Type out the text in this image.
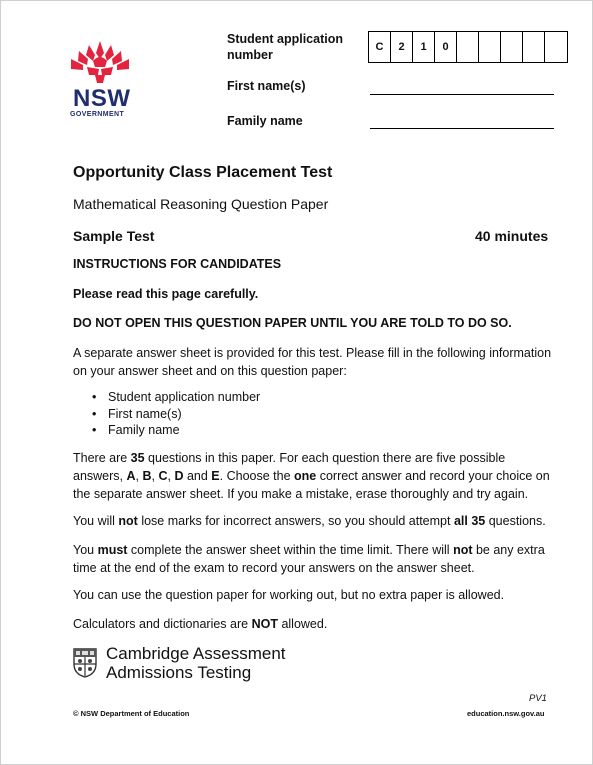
NSW
GOVERNMENT
Student application number
C	2	1	0
First name(s)
Family name
Opportunity Class Placement Test
Mathematical Reasoning Question Paper
Sample Test	40 minutes
INSTRUCTIONS FOR CANDIDATES
Please read this page carefully.
DO NOT OPEN THIS QUESTION PAPER UNTIL YOU ARE TOLD TO DO SO.
A separate answer sheet is provided for this test. Please fill in the following information on your answer sheet and on this question paper:
• Student application number
• First name(s)
• Family name
There are 35 questions in this paper. For each question there are five possible answers, A, B, C, D and E. Choose the one correct answer and record your choice on the separate answer sheet. If you make a mistake, erase thoroughly and try again.
You will not lose marks for incorrect answers, so you should attempt all 35 questions.
You must complete the answer sheet within the time limit. There will not be any extra time at the end of the exam to record your answers on the answer sheet.
You can use the question paper for working out, but no extra paper is allowed.
Calculators and dictionaries are NOT allowed.
Cambridge Assessment
Admissions Testing
PV1
© NSW Department of Education	education.nsw.gov.au
